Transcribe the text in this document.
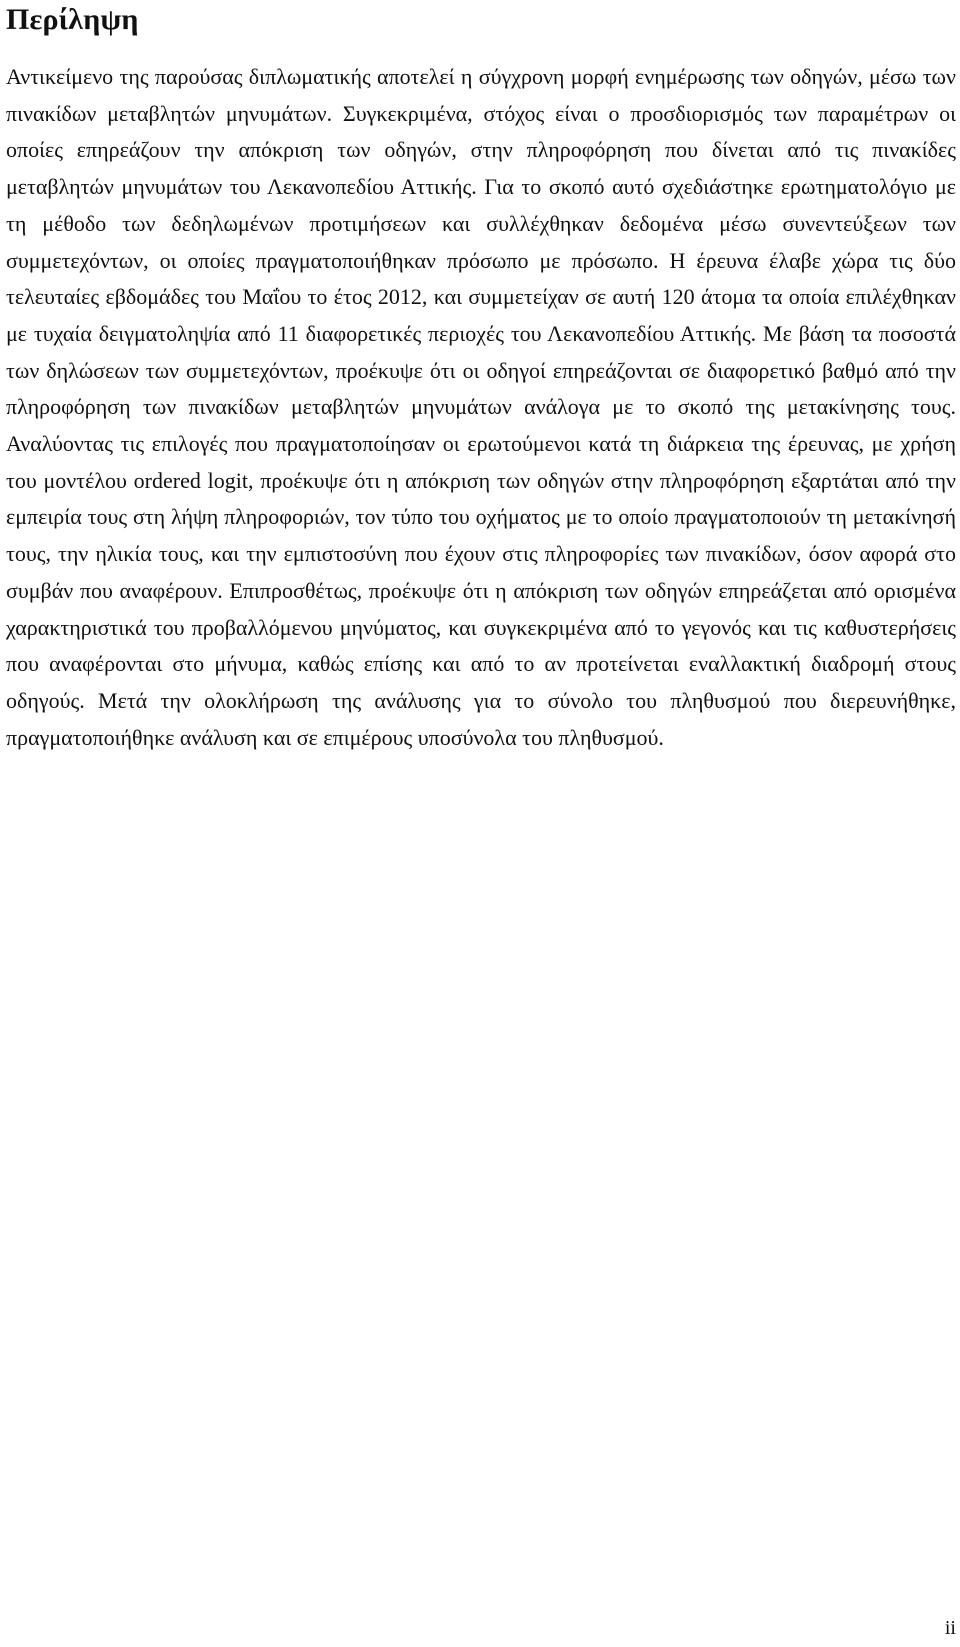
Περίληψη

Αντικείμενο της παρούσας διπλωματικής αποτελεί η σύγχρονη μορφή ενημέρωσης των οδηγών, μέσω των πινακίδων μεταβλητών μηνυμάτων. Συγκεκριμένα, στόχος είναι ο προσδιορισμός των παραμέτρων οι οποίες επηρεάζουν την απόκριση των οδηγών, στην πληροφόρηση που δίνεται από τις πινακίδες μεταβλητών μηνυμάτων του Λεκανοπεδίου Αττικής. Για το σκοπό αυτό σχεδιάστηκε ερωτηματολόγιο με τη μέθοδο των δεδηλωμένων προτιμήσεων και συλλέχθηκαν δεδομένα μέσω συνεντεύξεων των συμμετεχόντων, οι οποίες πραγματοποιήθηκαν πρόσωπο με πρόσωπο. Η έρευνα έλαβε χώρα τις δύο τελευταίες εβδομάδες του Μαΐου το έτος 2012, και συμμετείχαν σε αυτή 120 άτομα τα οποία επιλέχθηκαν με τυχαία δειγματοληψία από 11 διαφορετικές περιοχές του Λεκανοπεδίου Αττικής. Με βάση τα ποσοστά των δηλώσεων των συμμετεχόντων, προέκυψε ότι οι οδηγοί επηρεάζονται σε διαφορετικό βαθμό από την πληροφόρηση των πινακίδων μεταβλητών μηνυμάτων ανάλογα με το σκοπό της μετακίνησης τους. Αναλύοντας τις επιλογές που πραγματοποίησαν οι ερωτούμενοι κατά τη διάρκεια της έρευνας, με χρήση του μοντέλου ordered logit, προέκυψε ότι η απόκριση των οδηγών στην πληροφόρηση εξαρτάται από την εμπειρία τους στη λήψη πληροφοριών, τον τύπο του οχήματος με το οποίο πραγματοποιούν τη μετακίνησή τους, την ηλικία τους, και την εμπιστοσύνη που έχουν στις πληροφορίες των πινακίδων, όσον αφορά στο συμβάν που αναφέρουν. Επιπροσθέτως, προέκυψε ότι η απόκριση των οδηγών επηρεάζεται από ορισμένα χαρακτηριστικά του προβαλλόμενου μηνύματος, και συγκεκριμένα από το γεγονός και τις καθυστερήσεις που αναφέρονται στο μήνυμα, καθώς επίσης και από το αν προτείνεται εναλλακτική διαδρομή στους οδηγούς. Μετά την ολοκλήρωση της ανάλυσης για το σύνολο του πληθυσμού που διερευνήθηκε, πραγματοποιήθηκε ανάλυση και σε επιμέρους υποσύνολα του πληθυσμού.

ii
